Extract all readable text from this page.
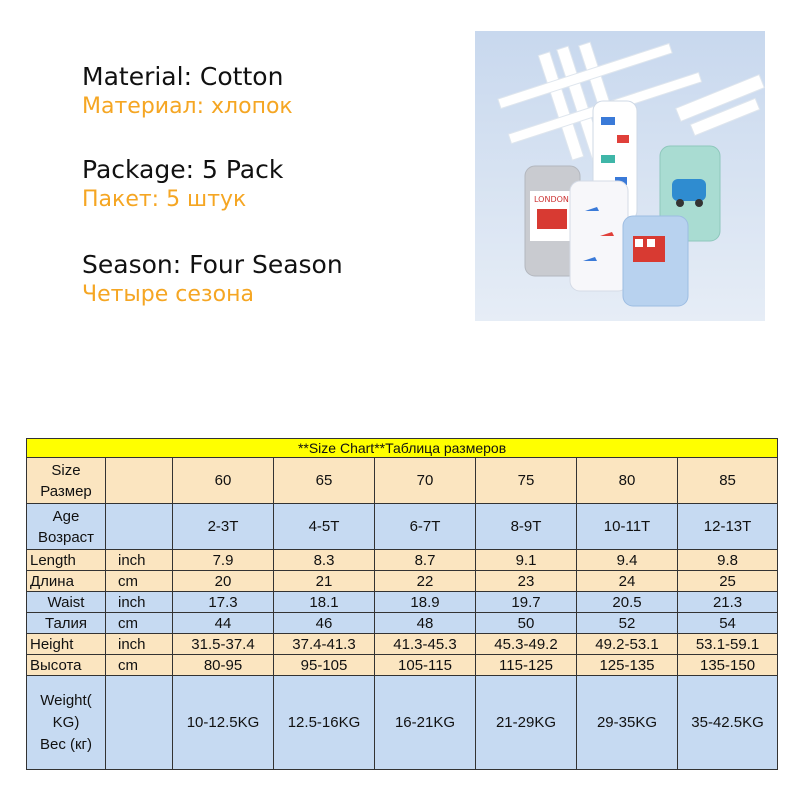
Material: Cotton
Материал: хлопок
Package: 5 Pack
Пакет: 5 штук
Season: Four Season
Четыре сезона
LONDON
**Size Chart**Таблица размеров							

Size
Размер		60	65	70	75	80	85

Age
Возраст		2-3T	4-5T	6-7T	8-9T	10-11T	12-13T
Length	inch	7.9	8.3	8.7	9.1	9.4	9.8
Длина	cm	20	21	22	23	24	25
Waist	inch	17.3	18.1	18.9	19.7	20.5	21.3
Талия	cm	44	46	48	50	52	54
Height	inch	31.5-37.4	37.4-41.3	41.3-45.3	45.3-49.2	49.2-53.1	53.1-59.1
Высота	cm	80-95	95-105	105-115	115-125	125-135	135-150

Weight(
KG)
Вес (кг)		10-12.5KG	12.5-16KG	16-21KG	21-29KG	29-35KG	35-42.5KG
